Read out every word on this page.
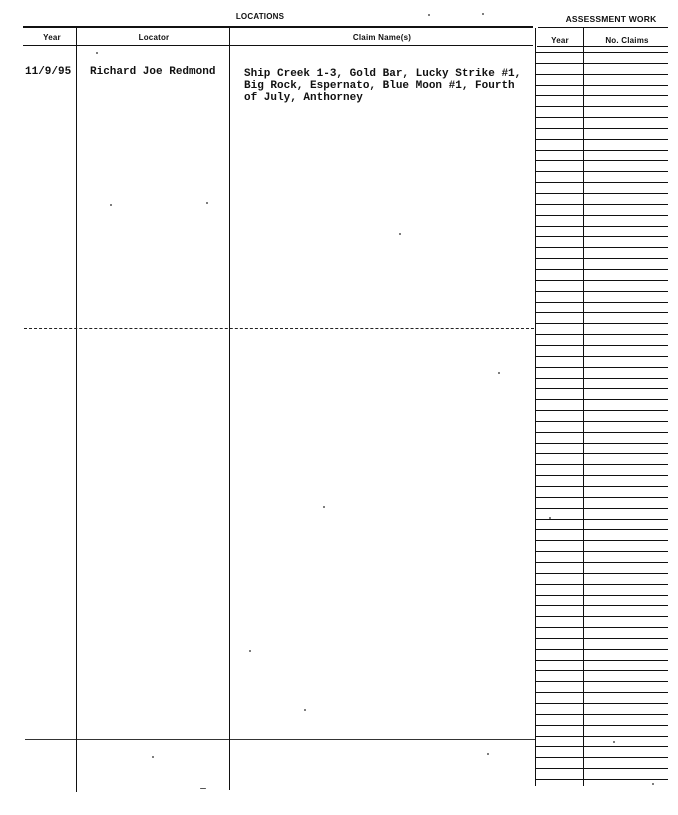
LOCATIONS	ASSESSMENT WORK
Year	Locator	Claim Name(s)	Year	No. Claims
11/9/95 Richard Joe Redmond	Ship Creek 1-3, Gold Bar, Lucky Strike #1,
Big Rock, Espernato, Blue Moon #1, Fourth
of July, Anthorney
